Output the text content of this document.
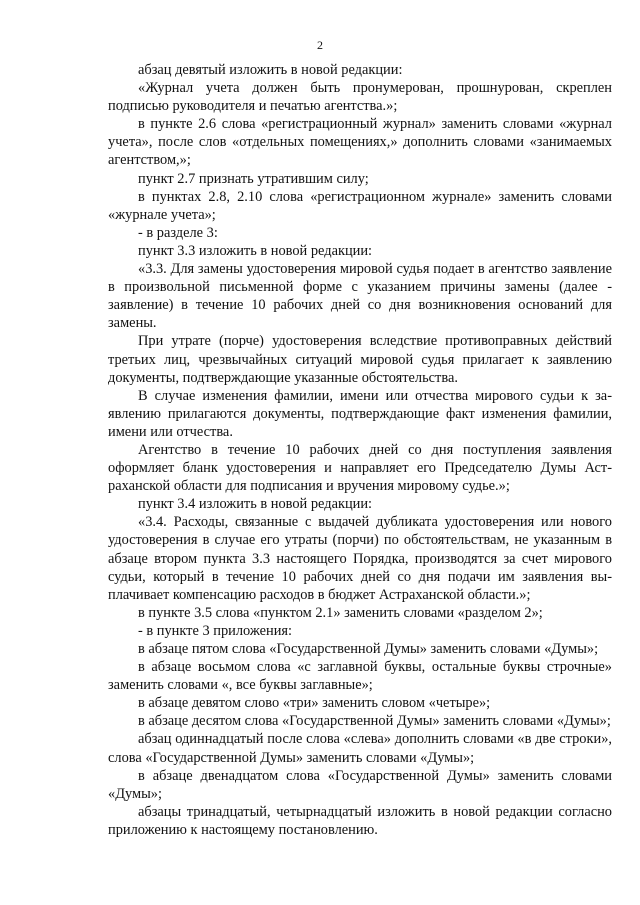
2

абзац девятый изложить в новой редакции:

«Журнал учета должен быть пронумерован, прошнурован, скреплен подписью руководителя и печатью агентства.»;

в пункте 2.6 слова «регистрационный журнал» заменить словами «журнал учета», после слов «отдельных помещениях,» дополнить словами «занимаемых агентством,»;

пункт 2.7 признать утратившим силу;

в пунктах 2.8, 2.10 слова «регистрационном журнале» заменить словами «журнале учета»;

- в разделе 3:

пункт 3.3 изложить в новой редакции:

«3.3. Для замены удостоверения мировой судья подает в агентство заявление в произвольной письменной форме с указанием причины замены (далее - заявление) в течение 10 рабочих дней со дня возникновения оснований для замены.

При утрате (порче) удостоверения вследствие противоправных действий третьих лиц, чрезвычайных ситуаций мировой судья прилагает к заявлению документы, подтверждающие указанные обстоятельства.

В случае изменения фамилии, имени или отчества мирового судьи к заявлению прилагаются документы, подтверждающие факт изменения фамилии, имени или отчества.

Агентство в течение 10 рабочих дней со дня поступления заявления оформляет бланк удостоверения и направляет его Председателю Думы Астраханской области для подписания и вручения мировому судье.»;

пункт 3.4 изложить в новой редакции:

«3.4. Расходы, связанные с выдачей дубликата удостоверения или нового удостоверения в случае его утраты (порчи) по обстоятельствам, не указанным в абзаце втором пункта 3.3 настоящего Порядка, производятся за счет мирового судьи, который в течение 10 рабочих дней со дня подачи им заявления выплачивает компенсацию расходов в бюджет Астраханской области.»;

в пункте 3.5 слова «пунктом 2.1» заменить словами «разделом 2»;

- в пункте 3 приложения:

в абзаце пятом слова «Государственной Думы» заменить словами «Думы»;

в абзаце восьмом слова «с заглавной буквы, остальные буквы строчные» заменить словами «, все буквы заглавные»;

в абзаце девятом слово «три» заменить словом «четыре»;

в абзаце десятом слова «Государственной Думы» заменить словами «Думы»;

абзац одиннадцатый после слова «слева» дополнить словами «в две строки», слова «Государственной Думы» заменить словами «Думы»;

в абзаце двенадцатом слова «Государственной Думы» заменить словами «Думы»;

абзацы тринадцатый, четырнадцатый изложить в новой редакции согласно приложению к настоящему постановлению.
